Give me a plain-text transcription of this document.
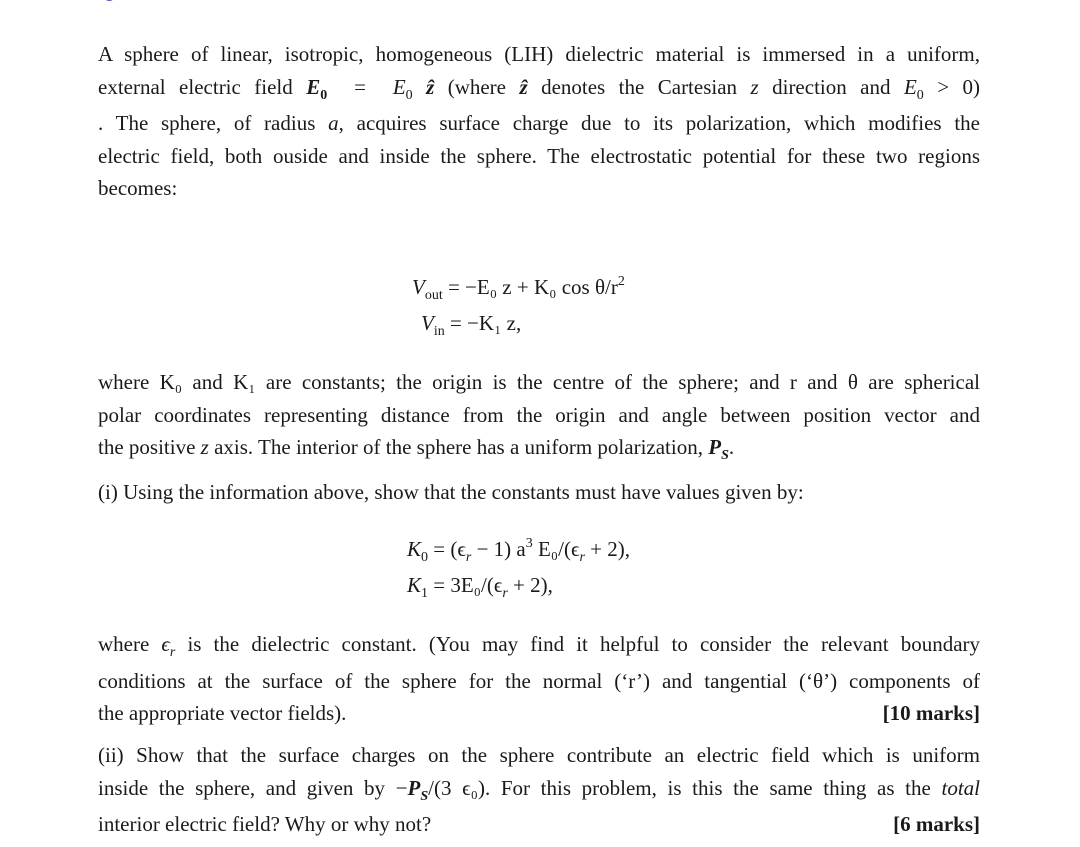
A sphere of linear, isotropic, homogeneous (LIH) dielectric material is immersed in a uniform,
external electric field $E_0 = E_0$ ẑ (where ẑ denotes the Cartesian z direction and $E_0 > 0$)
. The sphere, of radius a, acquires surface charge due to its polarization, which modifies the
electric field, both ouside and inside the sphere. The electrostatic potential for these two regions
becomes:
$V_{out} = -E_0$ z + K₀ $\cos \theta/r^2$
$V_{in} = -K_1$ z,
where K₀ and K₁ are constants; the origin is the centre of the sphere; and r and θ are spherical
polar coordinates representing distance from the origin and angle between position vector and
the positive z axis. The interior of the sphere has a uniform polarization, $P_S$.
(i) Using the information above, show that the constants must have values given by:
$K_0 = (\epsilon_r - 1)$ $a^3$ $E_0/(\epsilon_r + 2)$,
$K_1 = 3E_0/(\epsilon_r + 2)$,
where $\epsilon_r$ is the dielectric constant. (You may find it helpful to consider the relevant boundary
conditions at the surface of the sphere for the normal (‘r’) and tangential (‘θ’) components of
the appropriate vector fields).	[10 marks]
(ii) Show that the surface charges on the sphere contribute an electric field which is uniform
inside the sphere, and given by $-P_S/(3$ ϵ₀). For this problem, is this the same thing as the total
interior electric field? Why or why not?	[6 marks]
